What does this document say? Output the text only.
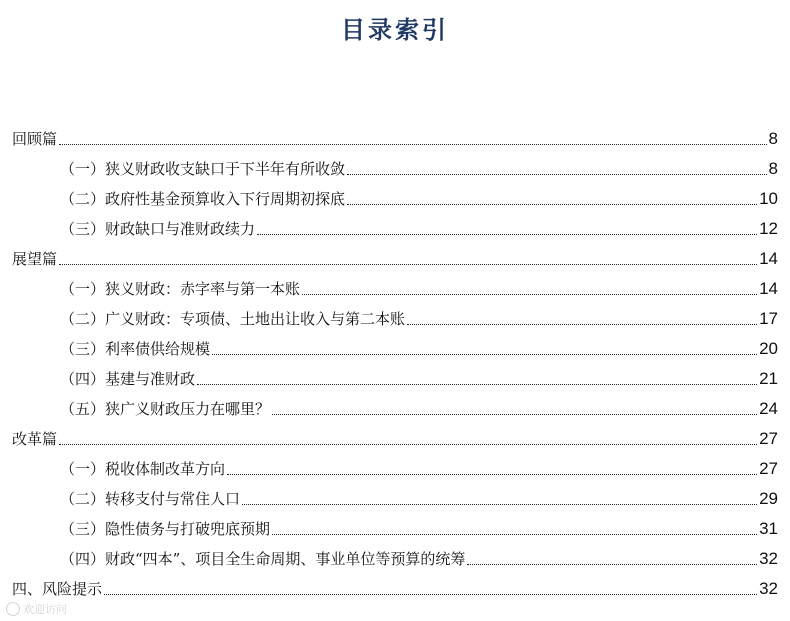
目录索引
回顾篇	8
（一）狭义财政收支缺口于下半年有所收敛	8
（二）政府性基金预算收入下行周期初探底	10
（三）财政缺口与准财政续力	12
展望篇	14
（一）狭义财政：赤字率与第一本账	14
（二）广义财政：专项债、土地出让收入与第二本账	17
（三）利率债供给规模	20
（四）基建与准财政	21
（五）狭广义财政压力在哪里？	24
改革篇	27
（一）税收体制改革方向	27
（二）转移支付与常住人口	29
（三）隐性债务与打破兜底预期	31
（四）财政“四本”、项目全生命周期、事业单位等预算的统筹	32
四、风险提示	32
欢迎访问
